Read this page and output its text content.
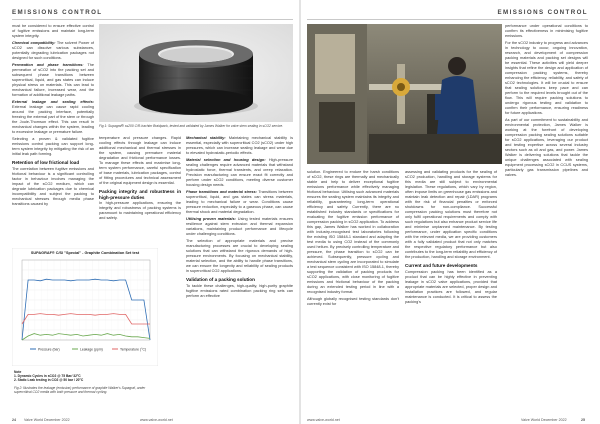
EMISSIONS CONTROL

must be considered to ensure effective control of fugitive emissions and maintain long-term system integrity.

Chemical compatibility: The solvent Power of sCO2 can dissolve various substances, potentially degrading lubrication packages not designed for such conditions.

Permeation and phase transitions: The permeation of sCO2 into the packing set and subsequent phase transitions between supercritical, liquid, and gas states can induce physical stress on materials. This can lead to mechanical failure, increased wear, and the formation of additional leakage paths.

External leakage and sealing effects: External leakage can cause rapid cooling around the packing interface, potentially freezing the external part of the stem or through the Joule-Thomson effect. This can result in mechanical changes within the system, leading to excessive leakage or premature failure.

Selecting a proven & validated fugitive emissions control packing can support long-term system integrity by mitigating the risk of an initial leak path forming.

Retention of low frictional load

The correlation between fugitive emissions and frictional behaviour is a significant controlling factor in behaviour involves managing the impact of the sCO2 medium, which can degrade lubrication packages due to chemical incompatibility and subject the packing to mechanical stresses through media phase transitions caused by

Fig 1: Supagraf® ss200 C/R-hachtm Braidpack, tested and validated by James Walker for valve stem sealing in sCO2 service.

temperature and pressure changes. Rapid cooling effects through leakage can induce additional mechanical and thermal stresses in the system, causing premature material degradation and frictional performance losses. To manage these effects and maximise long-term system performance, careful specification of base materials, lubrication packages, control of fitting procedures and technical assessment of the original equipment design is essential.

Packing integrity and robustness in high-pressure duties

In high-pressure applications, ensuring the integrity and robustness of packing systems is paramount to maintaining operational efficiency and safety.

Mechanical stability: Maintaining mechanical stability is essential, especially with supercritical CO2 (sCO2) under high pressures, which can increase sealing leakage and wear due to elevated hydrostatic-periodic effects.

Material selection and housing design: High-pressure sealing challenges require advanced materials that withstand hydrostatic force, thermal transients, and creep relaxation. Precision manufacturing can ensure exact fit correctly and perform under sCO2 conditions, meeting diverse customer housing design needs.

Phase transitions and material stress: Transitions between supercritical, liquid, and gas states can stress materials, leading to mechanical failure or wear. Conditions cause pressure reduction, especially to a gaseous phase, can cause thermal shock and material degradation.

Utilising proven materials: Using tested materials ensures resilience against stem extrusion and thermal expansion variations, maintaining product performance and lifecycle under challenging conditions.

The selection of appropriate materials and precise manufacturing processes are crucial to developing sealing solutions that can withstand the rigorous demands of high-pressure environments. By focusing on mechanical stability, material selection, and the ability to handle phase transitions, we can ensure the longevity and reliability of sealing products in supercritical CO2 applications.

Validation of a packing solution

To tackle these challenges, high-quality, high-purity graphite fugitive emissions rated combination packing ring sets can perform an effective

SUPAGRAF® C/Sl "Special" - Graphite Combination Set test
Pressure (bar)	Leakage (ppm)	Temperature (°C)
Note
1. Dynamic Cycles in sCO2 @ 75 Bar/ 32°C
2. Static Leak testing in CO2 @ 50 bar / 20°C
Fig 2: Illustrates the leakage (emission) performance of graphite Walker's Supagraf, under supercritical CO2 media with both pressure and thermal cycling.
24 Valve World December 2022	www.valve-world.net
EMISSIONS CONTROL

solution. Engineered to endure the harsh conditions of sCO2, these rings are thermally and mechanically stable and help to deliver exceptional fugitive emissions performance while effectively managing frictional behaviour. Utilising such advanced materials ensures the sealing system maintains its integrity and reliability, guaranteeing long-term operational efficiency and safety. Currently, there are no established industry standards or specifications for evaluating the fugitive emission performance of compression packing in sCO2 application. To address this gap, James Walker has worked in collaboration with industry-recognised test laboratories following the existing ISO 15848-1 standard and adapting the test media to using CO2 instead of the commonly used helium. By precisely controlling temperature and pressure, the phase transition to sCO2 can be achieved. Subsequently, pressure cycling and mechanical stem cycling are incorporated to simulate a test sequence consistent with ISO 15848-1, thereby supporting the validation of packing products for sCO2 applications, with close monitoring of fugitive emissions and frictional behaviour of the packing during an extended testing period in line with a recognised industry format.

Although globally recognised testing standards don't currently exist for

assessing and validating products for the sealing of sCO2 production, handling and storage systems for this media are still subject to environmental legislation. These regulations, which vary by region, often impose limits on greenhouse gas emissions and maintain leak detection and repair (LDAR) programs with the risk of financial penalties or enforced shutdowns for non-compliance. Successful compression packing solutions must therefore not only fulfil operational requirements and comply with such regulations but also enhance product service life and minimise unplanned maintenance. By testing performance, under application specific conditions with the relevant media, we are providing customers with a fully validated product that not only matches the respective regulatory performance but also contributes to the long-term reliability and efficiency of the production, handling and storage environment.

Current and future developments

Compression packing has been identified as a product that can be highly effective in preventing leakage in sCO2 valve applications, provided that appropriate materials are selected, proper design and installation practices are followed, and regular maintenance is conducted. It is critical to assess the packing's

performance under operational conditions to confirm its effectiveness in minimising fugitive emissions.

For the sCO2 industry to progress and advances in technology to occur, ongoing innovation, research, and development of compression packing materials and packing set designs will be essential. These activities will yield deeper insights that refine the design and application of compression packing systems, thereby enhancing the efficiency, reliability, and safety of sCO2 technologies. It will be crucial to ensure that sealing solutions keep pace and can perform to the required levels brought out of the flow. This will require packing solutions to undergo rigorous testing and validation to confirm their performance, ensuring readiness for future applications.

As part of our commitment to sustainability and environmental protection, James Walker is working at the forefront of developing compression packing sealing solutions suitable for sCO2 applications, leveraging our product and testing expertise across several industry sectors such as oil and gas, and power. James Walker is delivering solutions that tackle the unique challenges associated with sealing equipment processing sCO2 in CCUS systems, particularly gas transmission pipelines and valves.

www.valve-world.net	Valve World December 2022	25
